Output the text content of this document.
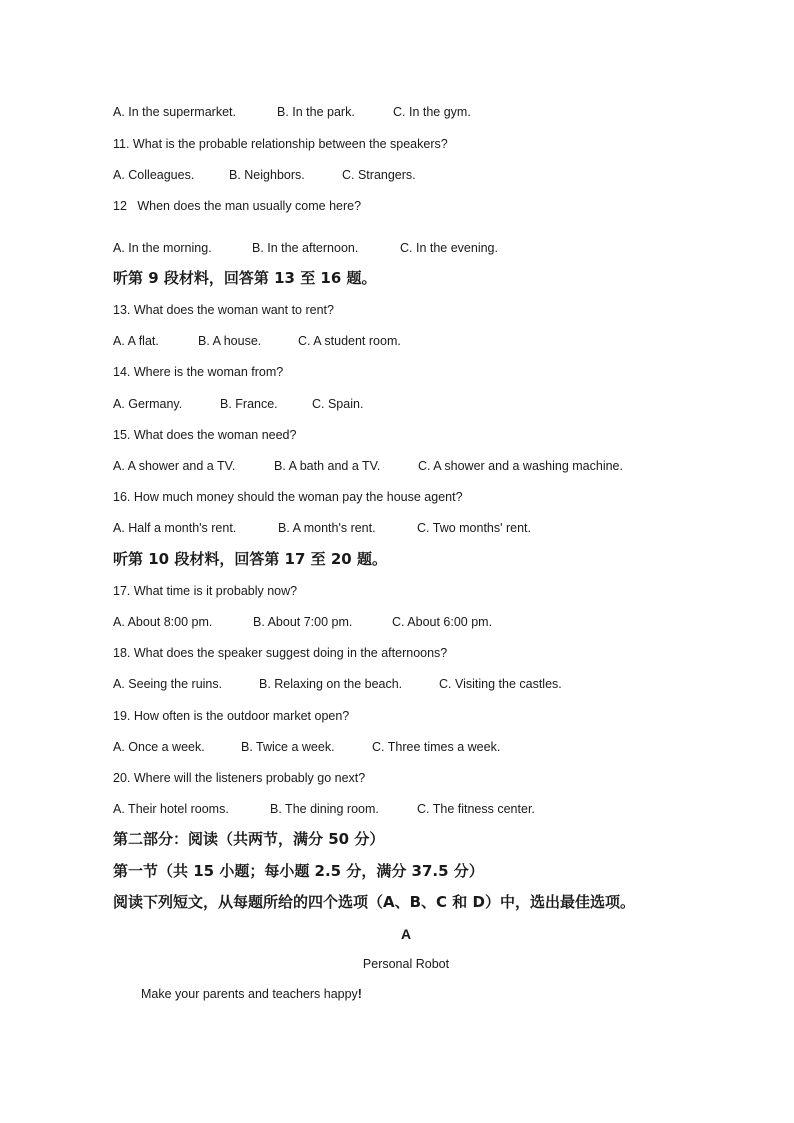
A. In the supermarket.	B. In the park.	C. In the gym.
11. What is the probable relationship between the speakers?
A. Colleagues.	B. Neighbors.	C. Strangers.
12   When does the man usually come here?
A. In the morning.	B. In the afternoon.	C. In the evening.
听第 9 段材料，回答第 13 至 16 题。
13. What does the woman want to rent?
A. A flat.	B. A house.	C. A student room.
14. Where is the woman from?
A. Germany.	B. France.	C. Spain.
15. What does the woman need?
A. A shower and a TV.	B. A bath and a TV.	C. A shower and a washing machine.
16. How much money should the woman pay the house agent?
A. Half a month's rent.	B. A month's rent.	C. Two months' rent.
听第 10 段材料，回答第 17 至 20 题。
17. What time is it probably now?
A. About 8:00 pm.	B. About 7:00 pm.	C. About 6:00 pm.
18. What does the speaker suggest doing in the afternoons?
A. Seeing the ruins.	B. Relaxing on the beach.	C. Visiting the castles.
19. How often is the outdoor market open?
A. Once a week.	B. Twice a week.	C. Three times a week.
20. Where will the listeners probably go next?
A. Their hotel rooms.	B. The dining room.	C. The fitness center.
第二部分：阅读（共两节，满分 50 分）
第一节（共 15 小题；每小题 2.5 分，满分 37.5 分）
阅读下列短文，从每题所给的四个选项（A、B、C 和 D）中，选出最佳选项。
A
Personal Robot
Make your parents and teachers happy!
